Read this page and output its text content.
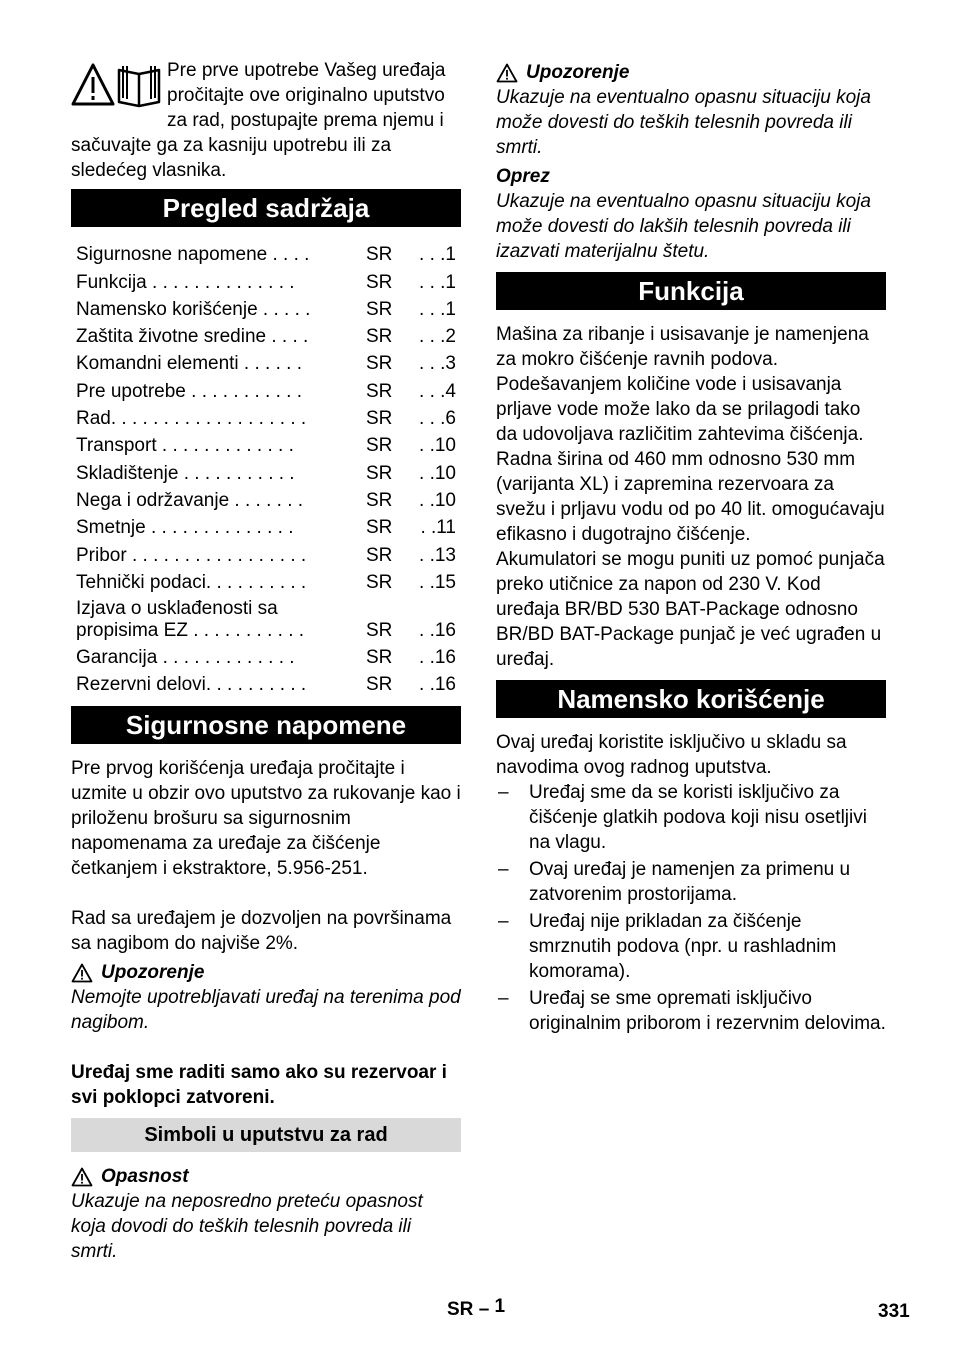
Pre prve upotrebe Vašeg uređaja pročitajte ove originalno uputstvo za rad, postupajte prema njemu i sačuvajte ga za kasniju upotrebu ili za sledećeg vlasnika.

Pregled sadržaja
Sigurnosne napomene . . . .	SR	. . .1
Funkcija . . . . . . . . . . . . . .	SR	. . .1
Namensko korišćenje . . . . .	SR	. . .1
Zaštita životne sredine . . . .	SR	. . .2
Komandni elementi . . . . . .	SR	. . .3
Pre upotrebe . . . . . . . . . . .	SR	. . .4
Rad. . . . . . . . . . . . . . . . . . .	SR	. . .6
Transport . . . . . . . . . . . . .	SR	. .10
Skladištenje . . . . . . . . . . .	SR	. .10
Nega i održavanje . . . . . . .	SR	. .10
Smetnje . . . . . . . . . . . . . .	SR	. .11
Pribor . . . . . . . . . . . . . . . . .	SR	. .13
Tehnički podaci. . . . . . . . . .	SR	. .15
Izjava o usklađenosti sa
propisima EZ . . . . . . . . . . .	SR	. .16
Garancija . . . . . . . . . . . . .	SR	. .16
Rezervni delovi. . . . . . . . . .	SR	. .16
Sigurnosne napomene

Pre prvog korišćenja uređaja pročitajte i uzmite u obzir ovo uputstvo za rukovanje kao i priloženu brošuru sa sigurnosnim napomenama za uređaje za čišćenje četkanjem i ekstraktore, 5.956-251.

Rad sa uređajem je dozvoljen na površinama sa nagibom do najviše 2%.

Upozorenje

Nemojte upotrebljavati uređaj na terenima pod nagibom.

Uređaj sme raditi samo ako su rezervoar i svi poklopci zatvoreni.

Simboli u uputstvu za rad
Opasnost

Ukazuje na neposredno preteću opasnost koja dovodi do teških telesnih povreda ili smrti.

Upozorenje

Ukazuje na eventualno opasnu situaciju koja može dovesti do teških telesnih povreda ili smrti.

Oprez

Ukazuje na eventualno opasnu situaciju koja može dovesti do lakših telesnih povreda ili izazvati materijalnu štetu.

Funkcija

Mašina za ribanje i usisavanje je namenjena za mokro čišćenje ravnih podova.

Podešavanjem količine vode i usisavanja prljave vode može lako da se prilagodi tako da udovoljava različitim zahtevima čišćenja.

Radna širina od 460 mm odnosno 530 mm (varijanta XL) i zapremina rezervoara za svežu i prljavu vodu od po 40 lit. omogućavaju efikasno i dugotrajno čišćenje.

Akumulatori se mogu puniti uz pomoć punjača preko utičnice za napon od 230 V. Kod uređaja BR/BD 530 BAT-Package odnosno BR/BD BAT-Package punjač je već ugrađen u uređaj.

Namensko korišćenje

Ovaj uređaj koristite isključivo u skladu sa navodima ovog radnog uputstva.

–	Uređaj sme da se koristi isključivo za čišćenje glatkih podova koji nisu osetljivi na vlagu.
–	Ovaj uređaj je namenjen za primenu u zatvorenim prostorijama.
–	Uređaj nije prikladan za čišćenje smrznutih podova (npr. u rashladnim komorama).
–	Uređaj se sme opremati isključivo originalnim priborom i rezervnim delovima.
SR – 1	331
